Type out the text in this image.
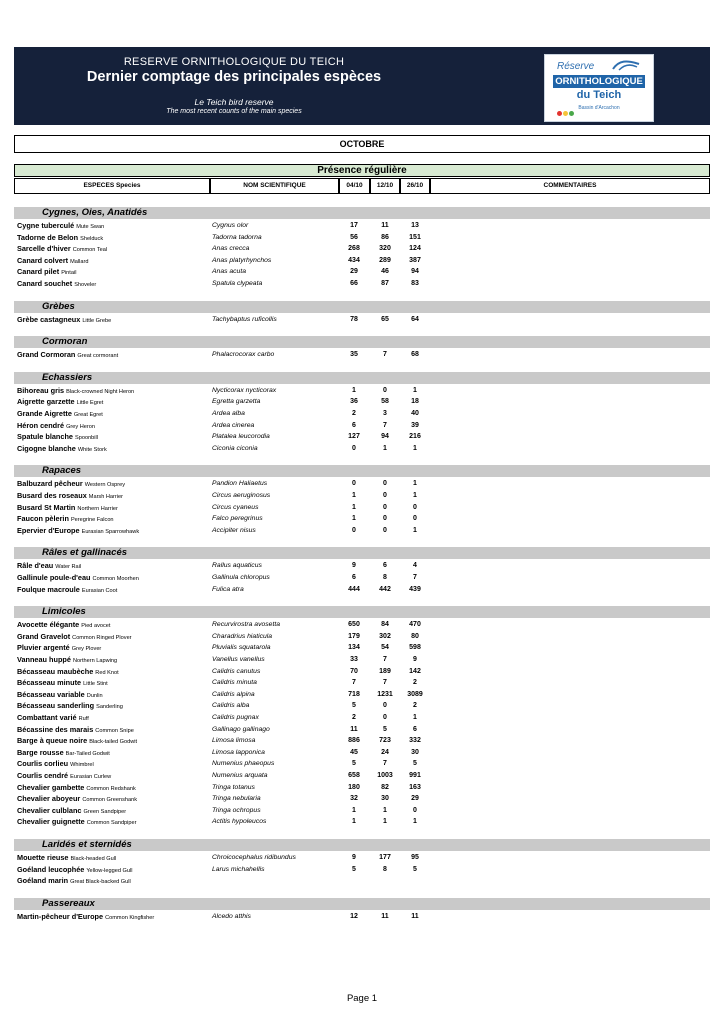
RESERVE ORNITHOLOGIQUE DU TEICH
Dernier comptage des principales espèces
Le Teich bird reserve
The most recent counts of the main species
Réserve
ORNITHOLOGIQUE
du Teich
Bassin d'Arcachon
OCTOBRE
Présence régulière
ESPECES Species	NOM SCIENTIFIQUE	04/10	12/10	26/10	COMMENTAIRES
Cygnes, Oies, Anatidés
Cygne tuberculé Mute Swan	Cygnus olor	17	11	13
Tadorne de Belon Shelduck	Tadorna tadorna	56	86	151
Sarcelle d'hiver Common Teal	Anas crecca	268	320	124
Canard colvert Mallard	Anas platyrhynchos	434	289	387
Canard pilet Pintail	Anas acuta	29	46	94
Canard souchet Shoveler	Spatula clypeata	66	87	83
Grèbes
Grèbe castagneux Little Grebe	Tachybaptus ruficollis	78	65	64
Cormoran
Grand Cormoran Great cormorant	Phalacrocorax carbo	35	7	68
Echassiers
Bihoreau gris Black-crowned Night Heron	Nycticorax nycticorax	1	0	1
Aigrette garzette Little Egret	Egretta garzetta	36	58	18
Grande Aigrette Great Egret	Ardea alba	2	3	40
Héron cendré Grey Heron	Ardea cinerea	6	7	39
Spatule blanche Spoonbill	Platalea leucorodia	127	94	216
Cigogne blanche White Stork	Ciconia ciconia	0	1	1
Rapaces
Balbuzard pêcheur Western Osprey	Pandion Haliaetus	0	0	1
Busard des roseaux Marsh Harrier	Circus aeruginosus	1	0	1
Busard St Martin Northern Harrier	Circus cyaneus	1	0	0
Faucon pèlerin Peregrine Falcon	Falco peregrinus	1	0	0
Epervier d'Europe Eurasian Sparrowhawk	Accipiter nisus	0	0	1
Râles et gallinacés
Râle d'eau Water Rail	Rallus aquaticus	9	6	4
Gallinule poule-d'eau Common Moorhen	Gallinula chloropus	6	8	7
Foulque macroule Eurasian Coot	Fulica atra	444	442	439
Limicoles
Avocette élégante Pied avocet	Recurvirostra avosetta	650	84	470
Grand Gravelot Common Ringed Plover	Charadrius hiaticula	179	302	80
Pluvier argenté Grey Plover	Pluvialis squatarola	134	54	598
Vanneau huppé Northern Lapwing	Vanellus vanellus	33	7	9
Bécasseau maubèche Red Knot	Calidris canutus	70	189	142
Bécasseau minute Little Stint	Calidris minuta	7	7	2
Bécasseau variable Dunlin	Calidris alpina	718	1231	3089
Bécasseau sanderling Sanderling	Calidris alba	5	0	2
Combattant varié Ruff	Calidris pugnax	2	0	1
Bécassine des marais Common Snipe	Gallinago gallinago	11	5	6
Barge à queue noire Black-tailed Godwit	Limosa limosa	886	723	332
Barge rousse Bar-Tailed Godwit	Limosa lapponica	45	24	30
Courlis corlieu Whimbrel	Numenius phaeopus	5	7	5
Courlis cendré Eurasian Curlew	Numenius arquata	658	1003	991
Chevalier gambette Common Redshank	Tringa totanus	180	82	163
Chevalier aboyeur Common Greenshank	Tringa nebularia	32	30	29
Chevalier culblanc Green Sandpiper	Tringa ochropus	1	1	0
Chevalier guignette Common Sandpiper	Actitis hypoleucos	1	1	1
Laridés et sternidés
Mouette rieuse Black-headed Gull	Chroicocephalus ridibundus	9	177	95
Goéland leucophée Yellow-legged Gull	Larus michahellis	5	8	5
Goéland marin Great Black-backed Gull
Passereaux
Martin-pêcheur d'Europe Common Kingfisher	Alcedo atthis	12	11	11
Page 1
